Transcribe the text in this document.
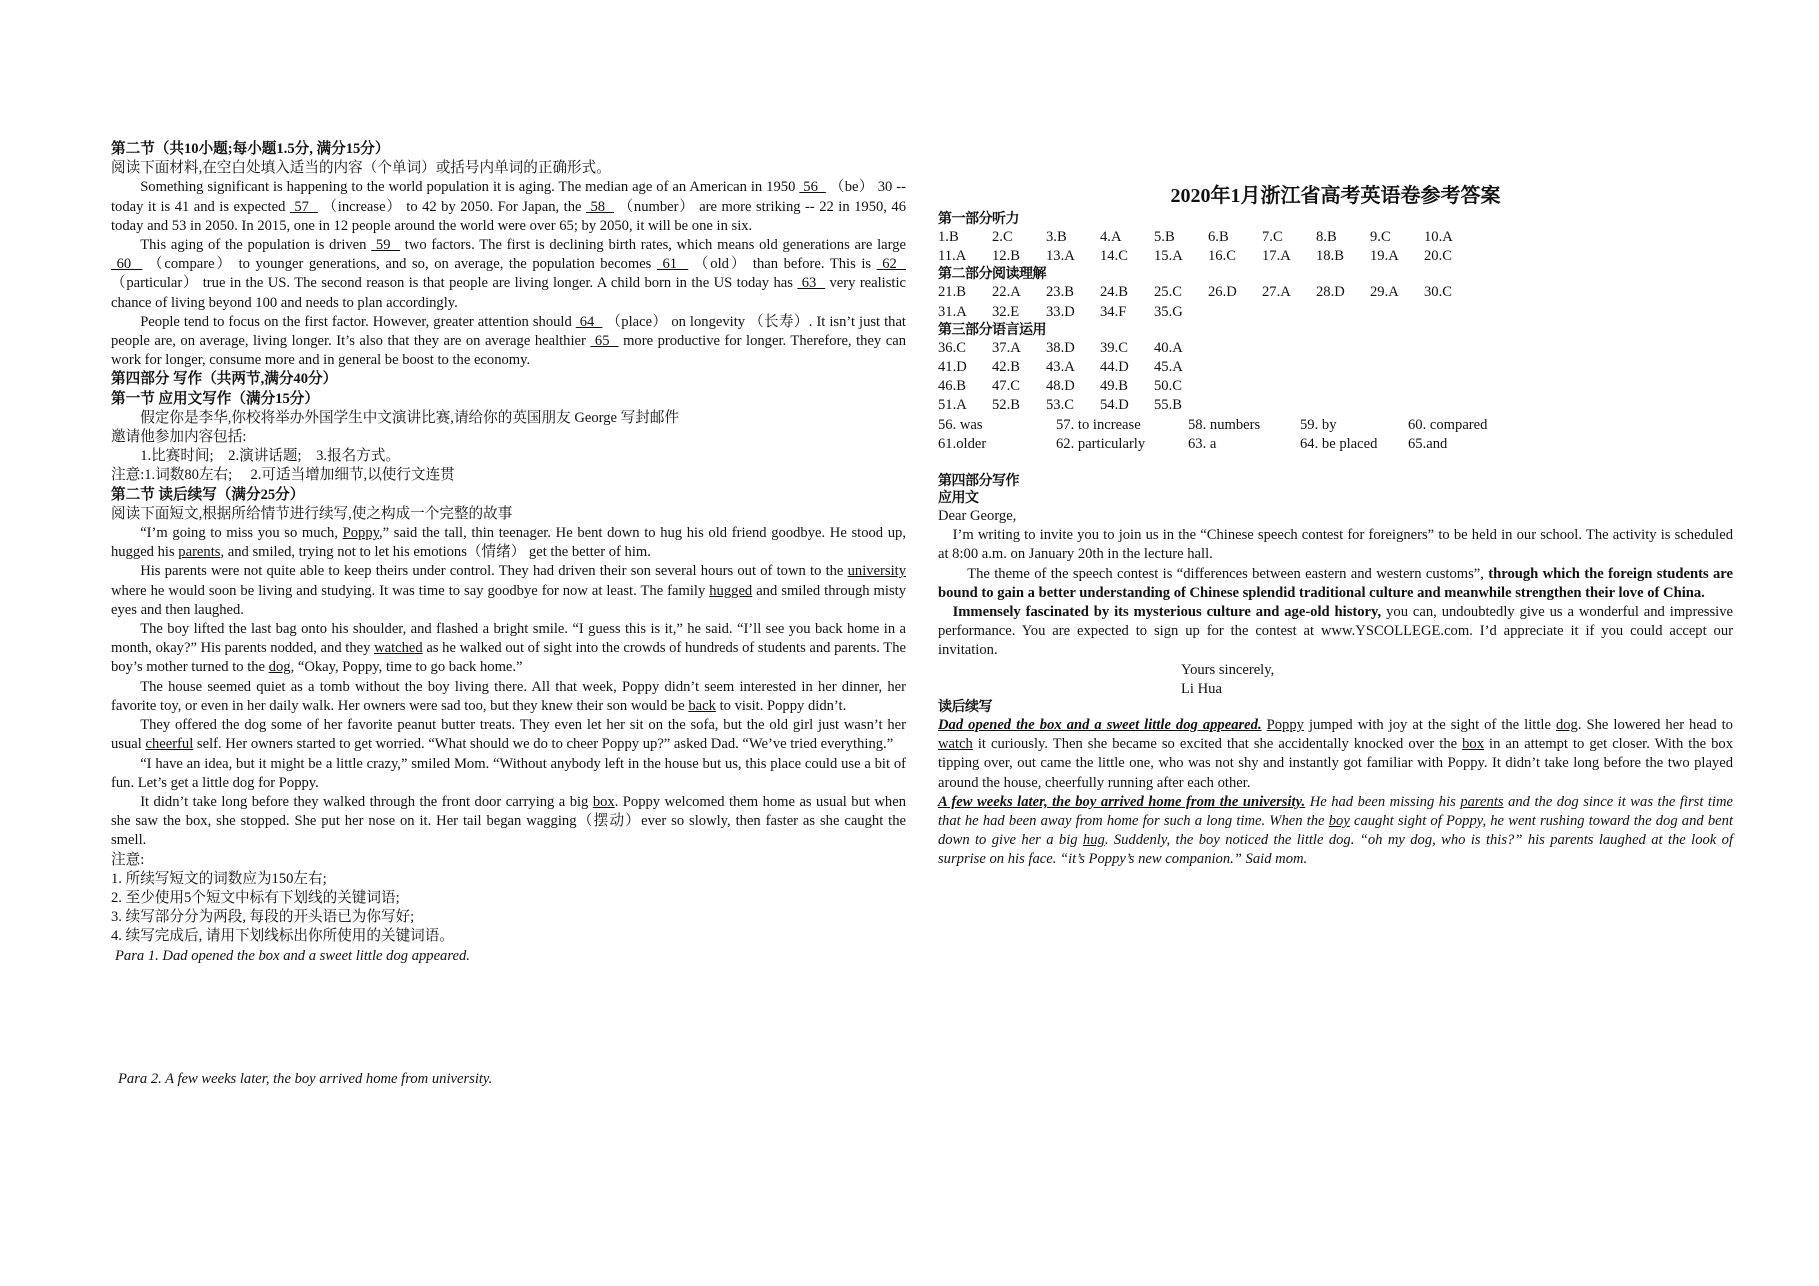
第二节（共10小题;每小题1.5分, 满分15分）

阅读下面材料,在空白处填入适当的内容（个单词）或括号内单词的正确形式。

Something significant is happening to the world population it is aging. The median age of an American in 1950  56   （be） 30 -- today it is 41 and is expected  57   （increase） to 42 by 2050. For Japan, the  58   （number） are more striking -- 22 in 1950, 46 today and 53 in 2050. In 2015, one in 12 people around the world were over 65; by 2050, it will be one in six.

This aging of the population is driven  59   two factors. The first is declining birth rates, which means old generations are large  60   （compare） to younger generations, and so, on average, the population becomes  61   （old） than before. This is  62   （particular） true in the US. The second reason is that people are living longer. A child born in the US today has  63   very realistic chance of living beyond 100 and needs to plan accordingly.

People tend to focus on the first factor. However, greater attention should  64   （place） on longevity （长寿）. It isn’t just that people are, on average, living longer. It’s also that they are on average healthier  65   more productive for longer. Therefore, they can work for longer, consume more and in general be boost to the economy.

第四部分 写作（共两节,满分40分）

第一节 应用文写作（满分15分）

假定你是李华,你校将举办外国学生中文演讲比赛,请给你的英国朋友 George 写封邮件

邀请他参加内容包括:

1.比赛时间;　2.演讲话题;　3.报名方式。

注意:1.词数80左右;　 2.可适当增加细节,以使行文连贯

第二节 读后续写（满分25分）

阅读下面短文,根据所给情节进行续写,使之构成一个完整的故事

“I’m going to miss you so much, Poppy,” said the tall, thin teenager. He bent down to hug his old friend goodbye. He stood up, hugged his parents, and smiled, trying not to let his emotions（情绪） get the better of him.

His parents were not quite able to keep theirs under control. They had driven their son several hours out of town to the university where he would soon be living and studying. It was time to say goodbye for now at least. The family hugged and smiled through misty eyes and then laughed.

The boy lifted the last bag onto his shoulder, and flashed a bright smile. “I guess this is it,” he said. “I’ll see you back home in a month, okay?” His parents nodded, and they watched as he walked out of sight into the crowds of hundreds of students and parents. The boy’s mother turned to the dog, “Okay, Poppy, time to go back home.”

The house seemed quiet as a tomb without the boy living there. All that week, Poppy didn’t seem interested in her dinner, her favorite toy, or even in her daily walk. Her owners were sad too, but they knew their son would be back to visit. Poppy didn’t.

They offered the dog some of her favorite peanut butter treats. They even let her sit on the sofa, but the old girl just wasn’t her usual cheerful self. Her owners started to get worried. “What should we do to cheer Poppy up?” asked Dad. “We’ve tried everything.”

“I have an idea, but it might be a little crazy,” smiled Mom. “Without anybody left in the house but us, this place could use a bit of fun. Let’s get a little dog for Poppy.

It didn’t take long before they walked through the front door carrying a big box. Poppy welcomed them home as usual but when she saw the box, she stopped. She put her nose on it. Her tail began wagging（摆动）ever so slowly, then faster as she caught the smell.

注意:

1. 所续写短文的词数应为150左右;

2. 至少使用5个短文中标有下划线的关键词语;

3. 续写部分分为两段, 每段的开头语已为你写好;

4. 续写完成后, 请用下划线标出你所使用的关键词语。

Para 1. Dad opened the box and a sweet little dog appeared.

Para 2. A few weeks later, the boy arrived home from university.

2020年1月浙江省高考英语卷参考答案

第一部分听力

1.B	2.C	3.B	4.A	5.B	6.B	7.C	8.B	9.C	10.A
11.A	12.B	13.A	14.C	15.A	16.C	17.A	18.B	19.A	20.C

第二部分阅读理解

21.B	22.A	23.B	24.B	25.C	26.D	27.A	28.D	29.A	30.C
31.A	32.E	33.D	34.F	35.G

第三部分语言运用

36.C	37.A	38.D	39.C	40.A
41.D	42.B	43.A	44.D	45.A
46.B	47.C	48.D	49.B	50.C
51.A	52.B	53.C	54.D	55.B
56. was	57. to increase	58. numbers	59. by	60. compared
61.older	62. particularly	63. a	64. be placed	65.and

第四部分写作

应用文

Dear George,

I’m writing to invite you to join us in the “Chinese speech contest for foreigners” to be held in our school. The activity is scheduled at 8:00 a.m. on January 20th in the lecture hall.

The theme of the speech contest is “differences between eastern and western customs”, through which the foreign students are bound to gain a better understanding of Chinese splendid traditional culture and meanwhile strengthen their love of China.

Immensely fascinated by its mysterious culture and age-old history, you can, undoubtedly give us a wonderful and impressive performance. You are expected to sign up for the contest at www.YSCOLLEGE.com. I’d appreciate it if you could accept our invitation.

Yours sincerely,

Li Hua

读后续写

Dad opened the box and a sweet little dog appeared. Poppy jumped with joy at the sight of the little dog. She lowered her head to watch it curiously. Then she became so excited that she accidentally knocked over the box in an attempt to get closer. With the box tipping over, out came the little one, who was not shy and instantly got familiar with Poppy. It didn’t take long before the two played around the house, cheerfully running after each other.

A few weeks later, the boy arrived home from the university. He had been missing his parents and the dog since it was the first time that he had been away from home for such a long time. When the boy caught sight of Poppy, he went rushing toward the dog and bent down to give her a big hug. Suddenly, the boy noticed the little dog. “oh my dog, who is this?” his parents laughed at the look of surprise on his face. “it’s Poppy’s new companion.” Said mom.
